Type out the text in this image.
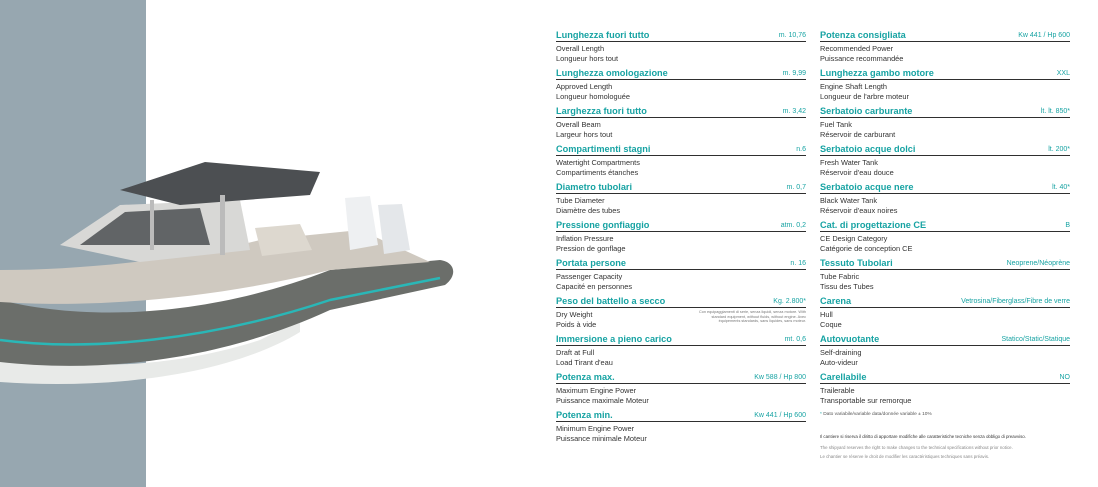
Lunghezza fuori tutto	m. 10,76
Overall Length
Longueur hors tout
Lunghezza omologazione	m. 9,99
Approved Length
Longueur homologuée
Larghezza fuori tutto	m. 3,42
Overall Beam
Largeur hors tout
Compartimenti stagni	n.6
Watertight Compartments
Compartiments étanches
Diametro tubolari	m. 0,7
Tube Diameter
Diamètre des tubes
Pressione gonfiaggio	atm. 0,2
Inflation Pressure
Pression de gonflage
Portata persone	n. 16
Passenger Capacity
Capacité en personnes
Peso del battello a secco	Kg. 2.800*
Dry Weight
Poids à vide
Con equipaggiamenti di serie, senza liquidi, senza motore. With standard equipment, without fluids, without engine. Avec équipements standards, sans liquides, sans moteur.
Immersione a pieno carico	mt. 0,6
Draft at Full
Load Tirant d'eau
Potenza max.	Kw 588 / Hp 800
Maximum Engine Power
Puissance maximale Moteur
Potenza min.	Kw 441 / Hp 600
Minimum Engine Power
Puissance minimale Moteur
Potenza consigliata	Kw 441 / Hp 600
Recommended Power
Puissance recommandée
Lunghezza gambo motore	XXL
Engine Shaft Length
Longueur de l'arbre moteur
Serbatoio carburante	lt. lt. 850*
Fuel Tank
Réservoir de carburant
Serbatoio acque dolci	lt. 200*
Fresh Water Tank
Réservoir d'eau douce
Serbatoio acque nere	lt. 40*
Black Water Tank
Réservoir d'eaux noires
Cat. di progettazione CE	B
CE Design Category
Catégorie de conception CE
Tessuto Tubolari	Neoprene/Néoprène
Tube Fabric
Tissu des Tubes
Carena	Vetrosina/Fiberglass/Fibre de verre
Hull
Coque
Autovuotante	Statico/Static/Statique
Self-draining
Auto-videur
Carellabile	NO
Trailerable
Transportable sur remorque
* Dato variabile/variable data/donnée variable ± 10%
Il cantiere si riserva il diritto di apportare modifiche alle caratteristiche tecniche senza obbligo di preavviso.
The shipyard reserves the right to make changes to the technical specifications without prior notice.
Le chantier se réserve le droit de modifier les caractéristiques techniques sans préavis.
